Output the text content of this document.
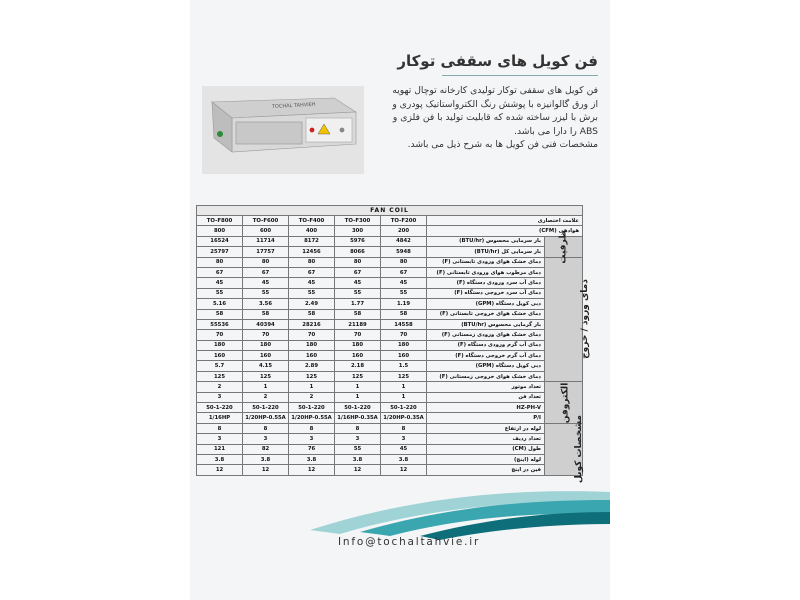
فن کویل های سقفی توکار
TOCHAL TAHVIEH
فن کویل های سقفی توکار تولیدی کارخانه توچال تهویه
از ورق گالوانیزه با پوشش رنگ الکترواستاتیک پودری و
برش با لیزر ساخته شده که قابلیت تولید با فن فلزی و
ABS را دارا می باشد.
مشخصات فنی فن کویل ها به شرح ذیل می باشد.
FAN COIL						
TO-F800	TO-F600	TO-F400	TO-F300	TO-F200	علامت اختصاری	
800	600	400	300	200	هوادهی (CFM)	
16524	11714	8172	5976	4842	بار سرمایی محسوس (BTU/hr)	ظرفیت
25797	17757	12456	8066	5948	بار سرمایی کل (BTU/hr)	
80	80	80	80	80	دمای خشک هوای ورودی تابستانی (F)	دمای ورود / خروج
67	67	67	67	67	دمای مرطوب هوای ورودی تابستانی (F)	
45	45	45	45	45	دمای آب سرد ورودی دستگاه (F)	
55	55	55	55	55	دمای آب سرد خروجی دستگاه (F)	
5.16	3.56	2.49	1.77	1.19	دبی کویل دستگاه (GPM)	
58	58	58	58	58	دمای خشک هوای خروجی تابستانی (F)	
55536	40394	28216	21189	14558	بار گرمایی محسوس (BTU/hr)	
70	70	70	70	70	دمای خشک هوای ورودی زمستانی (F)	
180	180	180	180	180	دمای آب گرم ورودی دستگاه (F)	
160	160	160	160	160	دمای آب گرم خروجی دستگاه (F)	
5.7	4.15	2.89	2.18	1.5	دبی کویل دستگاه (GPM)	
125	125	125	125	125	دمای خشک هوای خروجی زمستانی (F)	
2	1	1	1	1	تعداد موتور	الکتروفن
3	2	2	1	1	تعداد فن	
50-1-220	50-1-220	50-1-220	50-1-220	50-1-220	HZ-PH-V	
1/16HP	1/20HP-0.55A	1/20HP-0.55A	1/16HP-0.35A	1/20HP-0.35A	P/I	
8	8	8	8	8	لوله در ارتفاع	مشخصات کویل
3	3	3	3	3	تعداد ردیف	
121	82	76	55	45	طول (CM)	
3.8	3.8	3.8	3.8	3.8	لوله (اینچ)	
12	12	12	12	12	فین در اینچ	
Info@tochaltahvie.ir
